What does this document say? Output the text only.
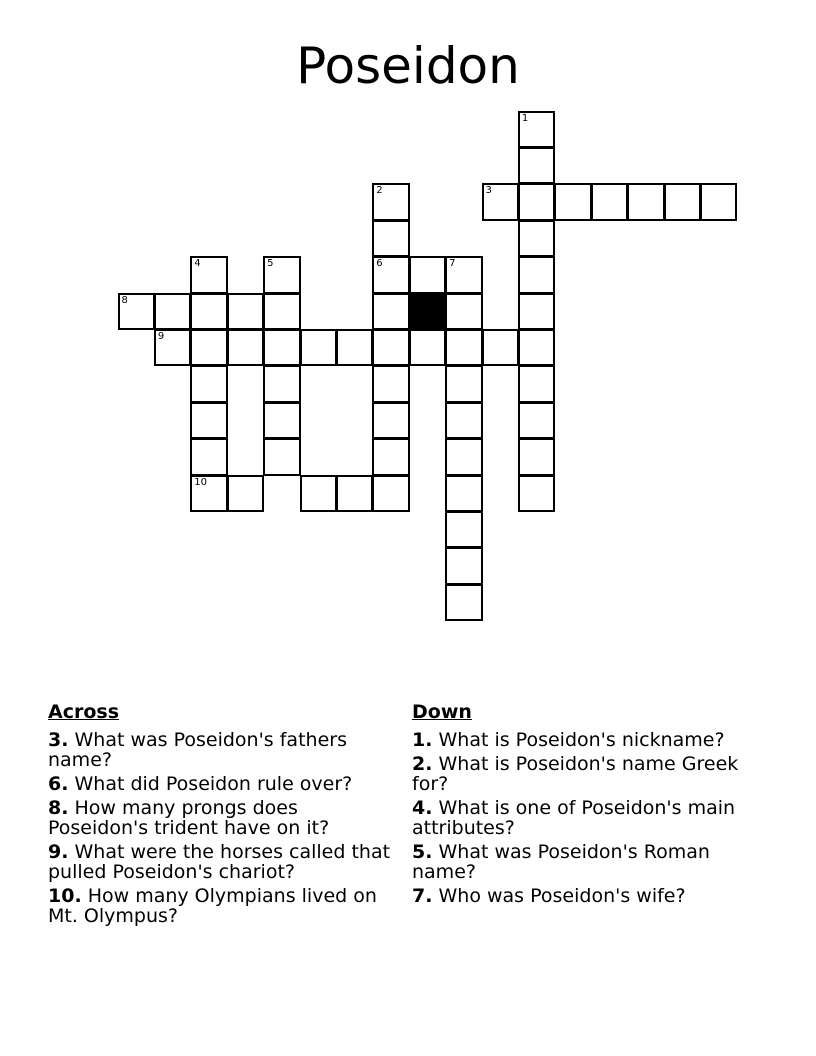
Poseidon
1
3
2
6	7
4
10
5
8
9
Across
3. What was Poseidon's fathers name?
6. What did Poseidon rule over?
8. How many prongs does Poseidon's trident have on it?
9. What were the horses called that pulled Poseidon's chariot?
10. How many Olympians lived on Mt. Olympus?
Down
1. What is Poseidon's nickname?
2. What is Poseidon's name Greek for?
4. What is one of Poseidon's main attributes?
5. What was Poseidon's Roman name?
7. Who was Poseidon's wife?
